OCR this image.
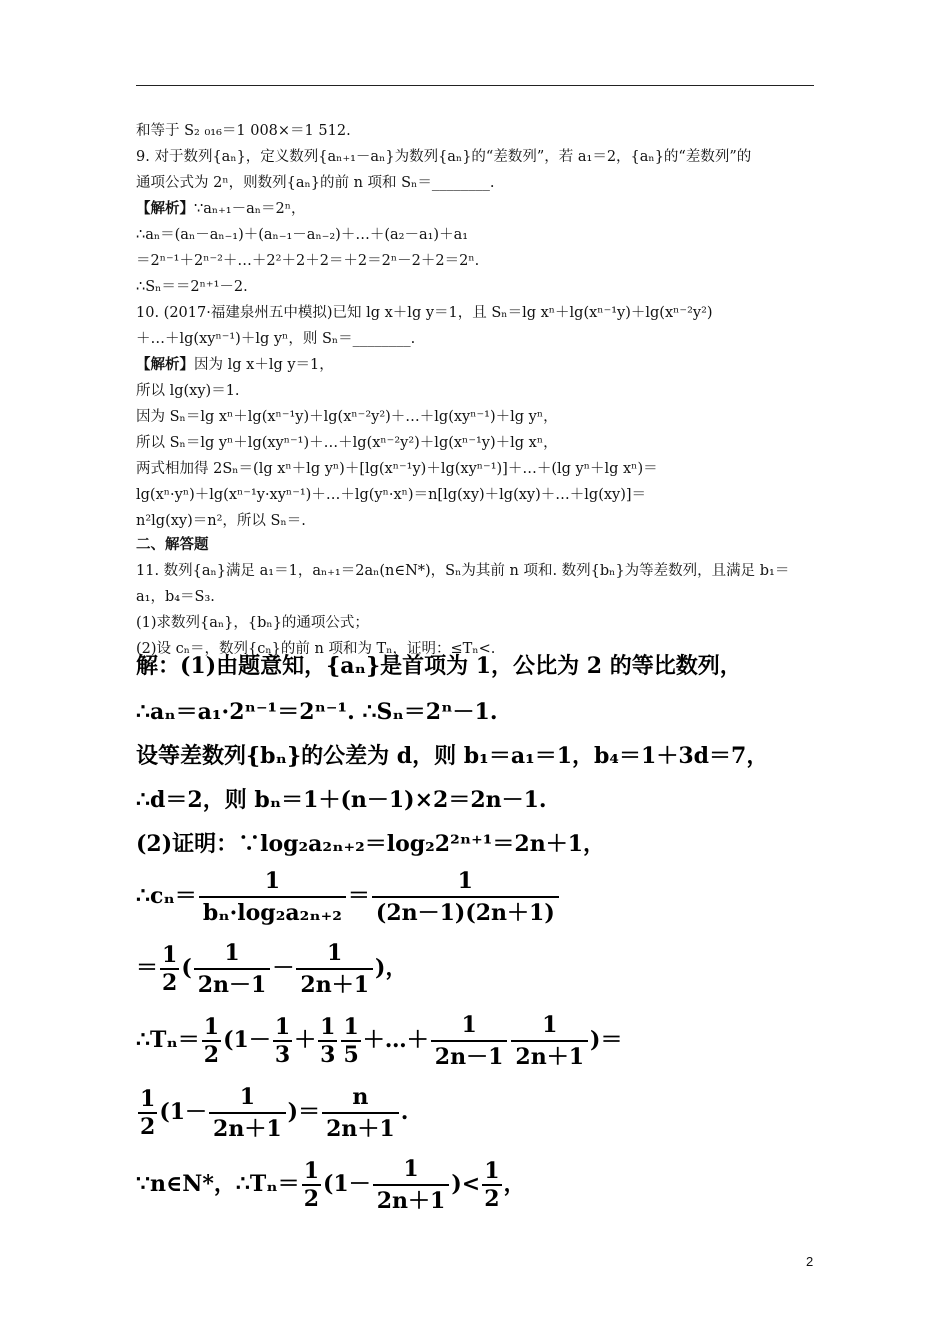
和等于 S₂ ₀₁₆＝1 008×＝1 512.
9. 对于数列{aₙ}，定义数列{aₙ₊₁－aₙ}为数列{aₙ}的“差数列”，若 a₁＝2，{aₙ}的“差数列”的
通项公式为 2ⁿ，则数列{aₙ}的前 n 项和 Sₙ＝________.
【解析】∵aₙ₊₁－aₙ＝2ⁿ，
∴aₙ＝(aₙ－aₙ₋₁)＋(aₙ₋₁－aₙ₋₂)＋…＋(a₂－a₁)＋a₁
＝2ⁿ⁻¹＋2ⁿ⁻²＋…＋2²＋2＋2＝＋2＝2ⁿ－2＋2＝2ⁿ.
∴Sₙ＝＝2ⁿ⁺¹－2.
10. (2017·福建泉州五中模拟)已知 lg x＋lg y＝1，且 Sₙ＝lg xⁿ＋lg(xⁿ⁻¹y)＋lg(xⁿ⁻²y²)
＋…＋lg(xyⁿ⁻¹)＋lg yⁿ，则 Sₙ＝________.
【解析】因为 lg x＋lg y＝1，
所以 lg(xy)＝1.
因为 Sₙ＝lg xⁿ＋lg(xⁿ⁻¹y)＋lg(xⁿ⁻²y²)＋…＋lg(xyⁿ⁻¹)＋lg yⁿ，
所以 Sₙ＝lg yⁿ＋lg(xyⁿ⁻¹)＋…＋lg(xⁿ⁻²y²)＋lg(xⁿ⁻¹y)＋lg xⁿ，
两式相加得 2Sₙ＝(lg xⁿ＋lg yⁿ)＋[lg(xⁿ⁻¹y)＋lg(xyⁿ⁻¹)]＋…＋(lg yⁿ＋lg xⁿ)＝
lg(xⁿ·yⁿ)＋lg(xⁿ⁻¹y·xyⁿ⁻¹)＋…＋lg(yⁿ·xⁿ)＝n[lg(xy)＋lg(xy)＋…＋lg(xy)]＝
n²lg(xy)＝n²，所以 Sₙ＝.
二、解答题
11. 数列{aₙ}满足 a₁＝1，aₙ₊₁＝2aₙ(n∈N*)，Sₙ为其前 n 项和. 数列{bₙ}为等差数列，且满足 b₁＝
a₁，b₄＝S₃.
(1)求数列{aₙ}，{bₙ}的通项公式；
(2)设 cₙ＝，数列{cₙ}的前 n 项和为 Tₙ，证明：≤Tₙ<.
解：(1)由题意知，{aₙ}是首项为 1，公比为 2 的等比数列，
∴aₙ＝a₁·2ⁿ⁻¹＝2ⁿ⁻¹. ∴Sₙ＝2ⁿ－1.
设等差数列{bₙ}的公差为 d，则 b₁＝a₁＝1，b₄＝1＋3d＝7，
∴d＝2，则 bₙ＝1＋(n－1)×2＝2n－1.
(2)证明：∵log₂a₂ₙ₊₂＝log₂2²ⁿ⁺¹＝2n＋1，
∴cₙ＝ $\frac{1}{\text{bₙ·log₂a₂ₙ₊₂}} = \frac{1}{(2n-1)(2n+1)}$
＝ $\frac{1}{2}$ ( $\frac{1}{2n-1} - \frac{1}{2n+1}$ )，
∴Tₙ＝ $\frac{1}{2} (1- \frac{1}{3} + \frac{1}{3} \frac{1}{5}$ ＋…＋ $\frac{1}{2n-1} \frac{1}{2n+1}$ )＝
$\frac{1}{2} (1- \frac{1}{2n+1}$ )＝ $\frac{n}{2n+1}$ .
∵n∈N*，∴Tₙ＝ $\frac{1}{2} (1- \frac{1}{2n+1}$ )< $\frac{1}{2}$ ，
2
